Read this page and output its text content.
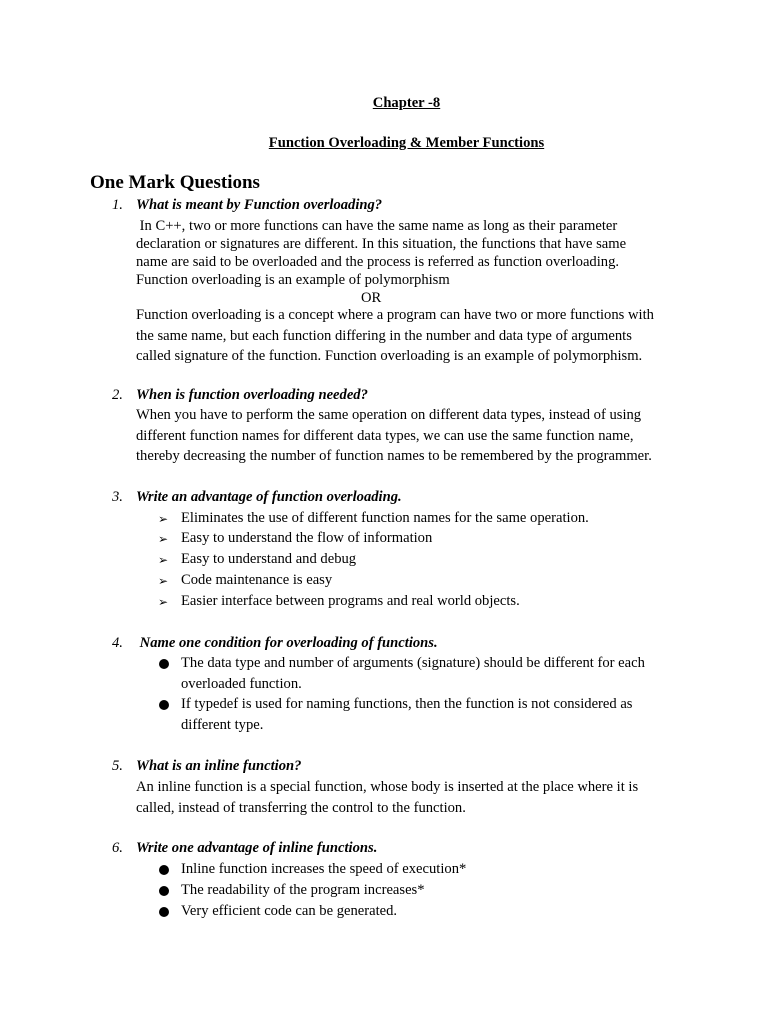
Chapter -8
Function Overloading & Member Functions
One Mark Questions
1. What is meant by Function overloading?
In C++, two or more functions can have the same name as long as their parameter
declaration or signatures are different. In this situation, the functions that have same
name are said to be overloaded and the process is referred as function overloading.
Function overloading is an example of polymorphism
OR
Function overloading is a concept where a program can have two or more functions with
the same name, but each function differing in the number and data type of arguments
called signature of the function. Function overloading is an example of polymorphism.
2. When is function overloading needed?
When you have to perform the same operation on different data types, instead of using
different function names for different data types, we can use the same function name,
thereby decreasing the number of function names to be remembered by the programmer.
3. Write an advantage of function overloading.
➢ Eliminates the use of different function names for the same operation.
➢ Easy to understand the flow of information
➢ Easy to understand and debug
➢ Code maintenance is easy
➢ Easier interface between programs and real world objects.
4. Name one condition for overloading of functions.
The data type and number of arguments (signature) should be different for each
overloaded function.
If typedef is used for naming functions, then the function is not considered as
different type.
5. What is an inline function?
An inline function is a special function, whose body is inserted at the place where it is
called, instead of transferring the control to the function.
6. Write one advantage of inline functions.
Inline function increases the speed of execution*
The readability of the program increases*
Very efficient code can be generated.
